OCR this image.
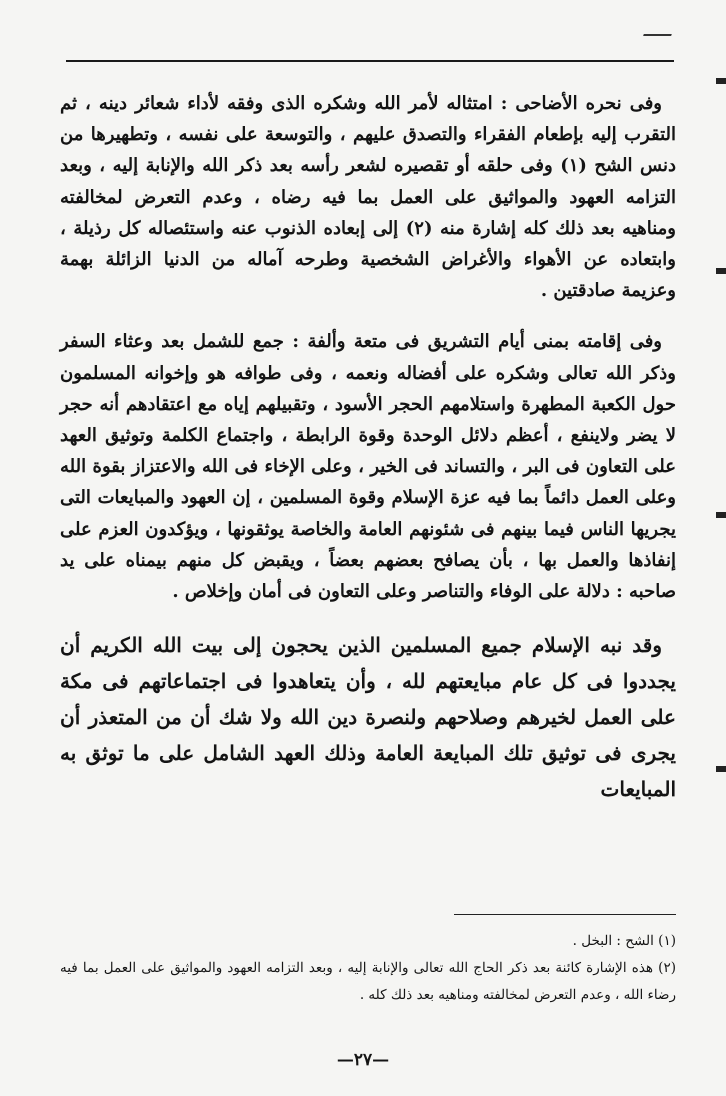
وفى نحره الأضاحى : امتثاله لأمر الله وشكره الذى وفقه لأداء شعائر دينه ، ثم التقرب إليه بإطعام الفقراء والتصدق عليهم ، والتوسعة على نفسه ، وتطهيرها من دنس الشح (١) وفى حلقه أو تقصيره لشعر رأسه بعد ذكر الله والإنابة إليه ، وبعد التزامه العهود والمواثيق على العمل بما فيه رضاه ، وعدم التعرض لمخالفته ومناهيه بعد ذلك كله إشارة منه (٢) إلى إبعاده الذنوب عنه واستئصاله كل رذيلة ، وابتعاده عن الأهواء والأغراض الشخصية وطرحه آماله من الدنيا الزائلة بهمة وعزيمة صادقتين .

وفى إقامته بمنى أيام التشريق فى متعة وألفة : جمع للشمل بعد وعثاء السفر وذكر الله تعالى وشكره على أفضاله ونعمه ، وفى طوافه هو وإخوانه المسلمون حول الكعبة المطهرة واستلامهم الحجر الأسود ، وتقبيلهم إياه مع اعتقادهم أنه حجر لا يضر ولاينفع ، أعظم دلائل الوحدة وقوة الرابطة ، واجتماع الكلمة وتوثيق العهد على التعاون فى البر ، والتساند فى الخير ، وعلى الإخاء فى الله والاعتزاز بقوة الله وعلى العمل دائماً بما فيه عزة الإسلام وقوة المسلمين ، إن العهود والمبايعات التى يجريها الناس فيما بينهم فى شئونهم العامة والخاصة يوثقونها ، ويؤكدون العزم على إنفاذها والعمل بها ، بأن يصافح بعضهم بعضاً ، ويقبض كل منهم بيمناه على يد صاحبه : دلالة على الوفاء والتناصر وعلى التعاون فى أمان وإخلاص .

وقد نبه الإسلام جميع المسلمين الذين يحجون إلى بيت الله الكريم أن يجددوا فى كل عام مبايعتهم لله ، وأن يتعاهدوا فى اجتماعاتهم فى مكة على العمل لخيرهم وصلاحهم ولنصرة دين الله ولا شك أن من المتعذر أن يجرى فى توثيق تلك المبايعة العامة وذلك العهد الشامل على ما توثق به المبايعات

(١) الشح : البخل .

(٢) هذه الإشارة كائنة بعد ذكر الحاج الله تعالى والإنابة إليه ، وبعد التزامه العهود والمواثيق على العمل بما فيه رضاء الله ، وعدم التعرض لمخالفته ومناهيه بعد ذلك كله .

—٢٧—
